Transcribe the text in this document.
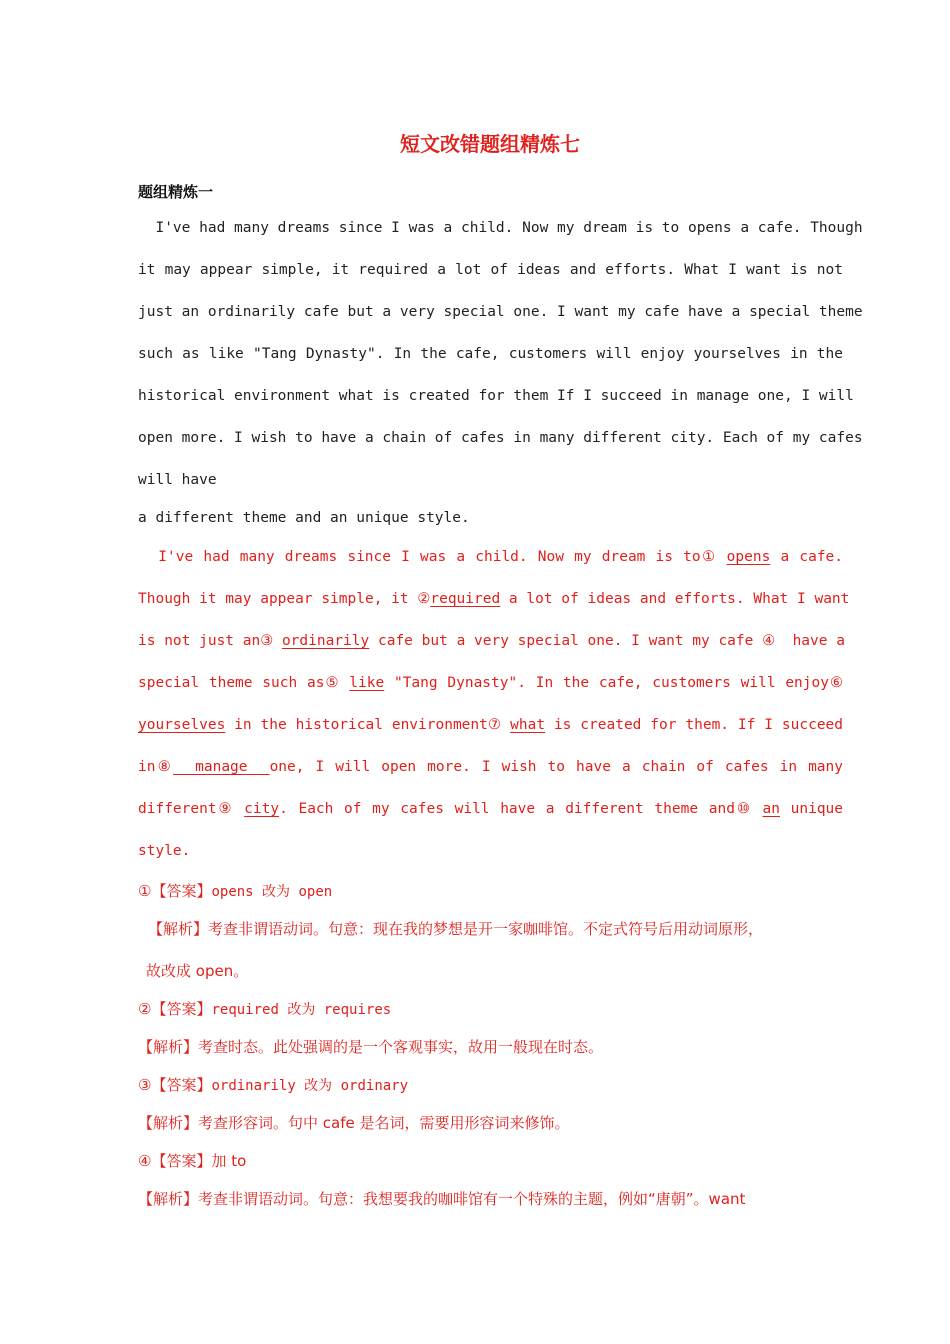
短文改错题组精炼七
题组精炼一
I've had many dreams since I was a child. Now my dream is to opens a cafe. Though
it may appear simple, it required a lot of ideas and efforts. What I want is not
just an ordinarily cafe but a very special one. I want my cafe have a special theme
such as like "Tang Dynasty". In the cafe, customers will enjoy yourselves in the
historical environment what is created for them If I succeed in manage one, I will
open more. I wish to have a chain of cafes in many different city. Each of my cafes
will have
a different theme and an unique style.
I've had many dreams since I was a child. Now my dream is to① opens a cafe.
Though it may appear simple, it ②required a lot of ideas and efforts. What I want
is not just an③ ordinarily cafe but a very special one. I want my cafe ④  have a
special theme such as⑤ like "Tang Dynasty". In the cafe, customers will enjoy⑥
yourselves in the historical environment⑦ what is created for them. If I succeed
in⑧  manage  one, I will open more. I wish to have a chain of cafes in many
different⑨ city. Each of my cafes will have a different theme and⑩ an unique
style.
①【答案】opens 改为 open
【解析】考查非谓语动词。句意：现在我的梦想是开一家咖啡馆。不定式符号后用动词原形，
故改成 open。
②【答案】required 改为 requires
【解析】考查时态。此处强调的是一个客观事实，故用一般现在时态。
③【答案】ordinarily 改为 ordinary
【解析】考查形容词。句中 cafe 是名词，需要用形容词来修饰。
④【答案】加 to
【解析】考查非谓语动词。句意：我想要我的咖啡馆有一个特殊的主题，例如“唐朝”。want
